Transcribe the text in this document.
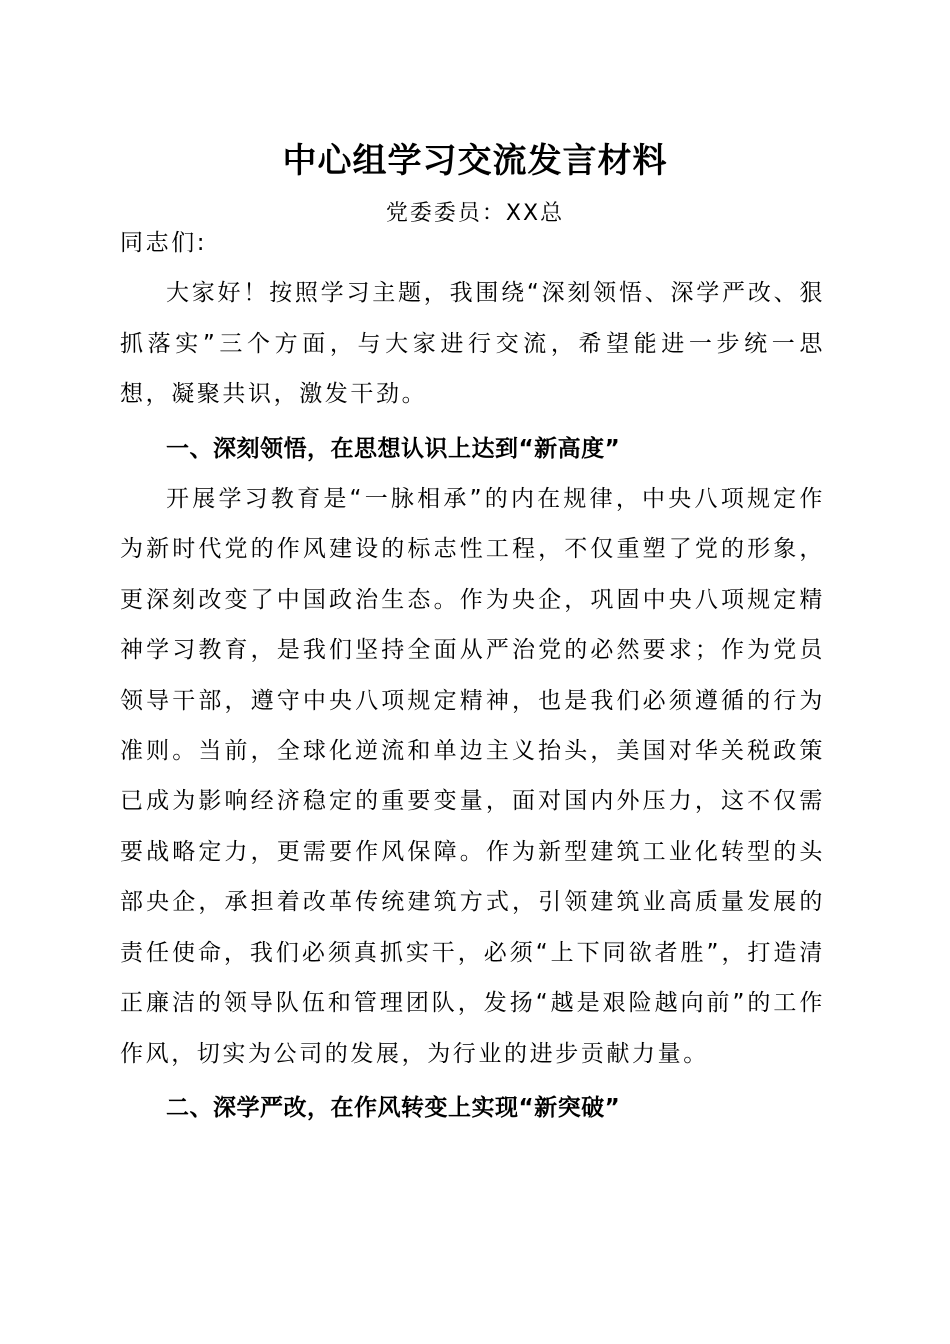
中心组学习交流发言材料
党委委员：XX总

同志们:

大家好！按照学习主题，我围绕“深刻领悟、深学严改、狠抓落实”三个方面，与大家进行交流，希望能进一步统一思想，凝聚共识，激发干劲。

一、深刻领悟，在思想认识上达到“新高度”

开展学习教育是“一脉相承”的内在规律，中央八项规定作为新时代党的作风建设的标志性工程，不仅重塑了党的形象，更深刻改变了中国政治生态。作为央企，巩固中央八项规定精神学习教育，是我们坚持全面从严治党的必然要求；作为党员领导干部，遵守中央八项规定精神，也是我们必须遵循的行为准则。当前，全球化逆流和单边主义抬头，美国对华关税政策已成为影响经济稳定的重要变量，面对国内外压力，这不仅需要战略定力，更需要作风保障。作为新型建筑工业化转型的头部央企，承担着改革传统建筑方式，引领建筑业高质量发展的责任使命，我们必须真抓实干，必须“上下同欲者胜”，打造清正廉洁的领导队伍和管理团队，发扬“越是艰险越向前”的工作作风，切实为公司的发展，为行业的进步贡献力量。

二、深学严改，在作风转变上实现“新突破”
